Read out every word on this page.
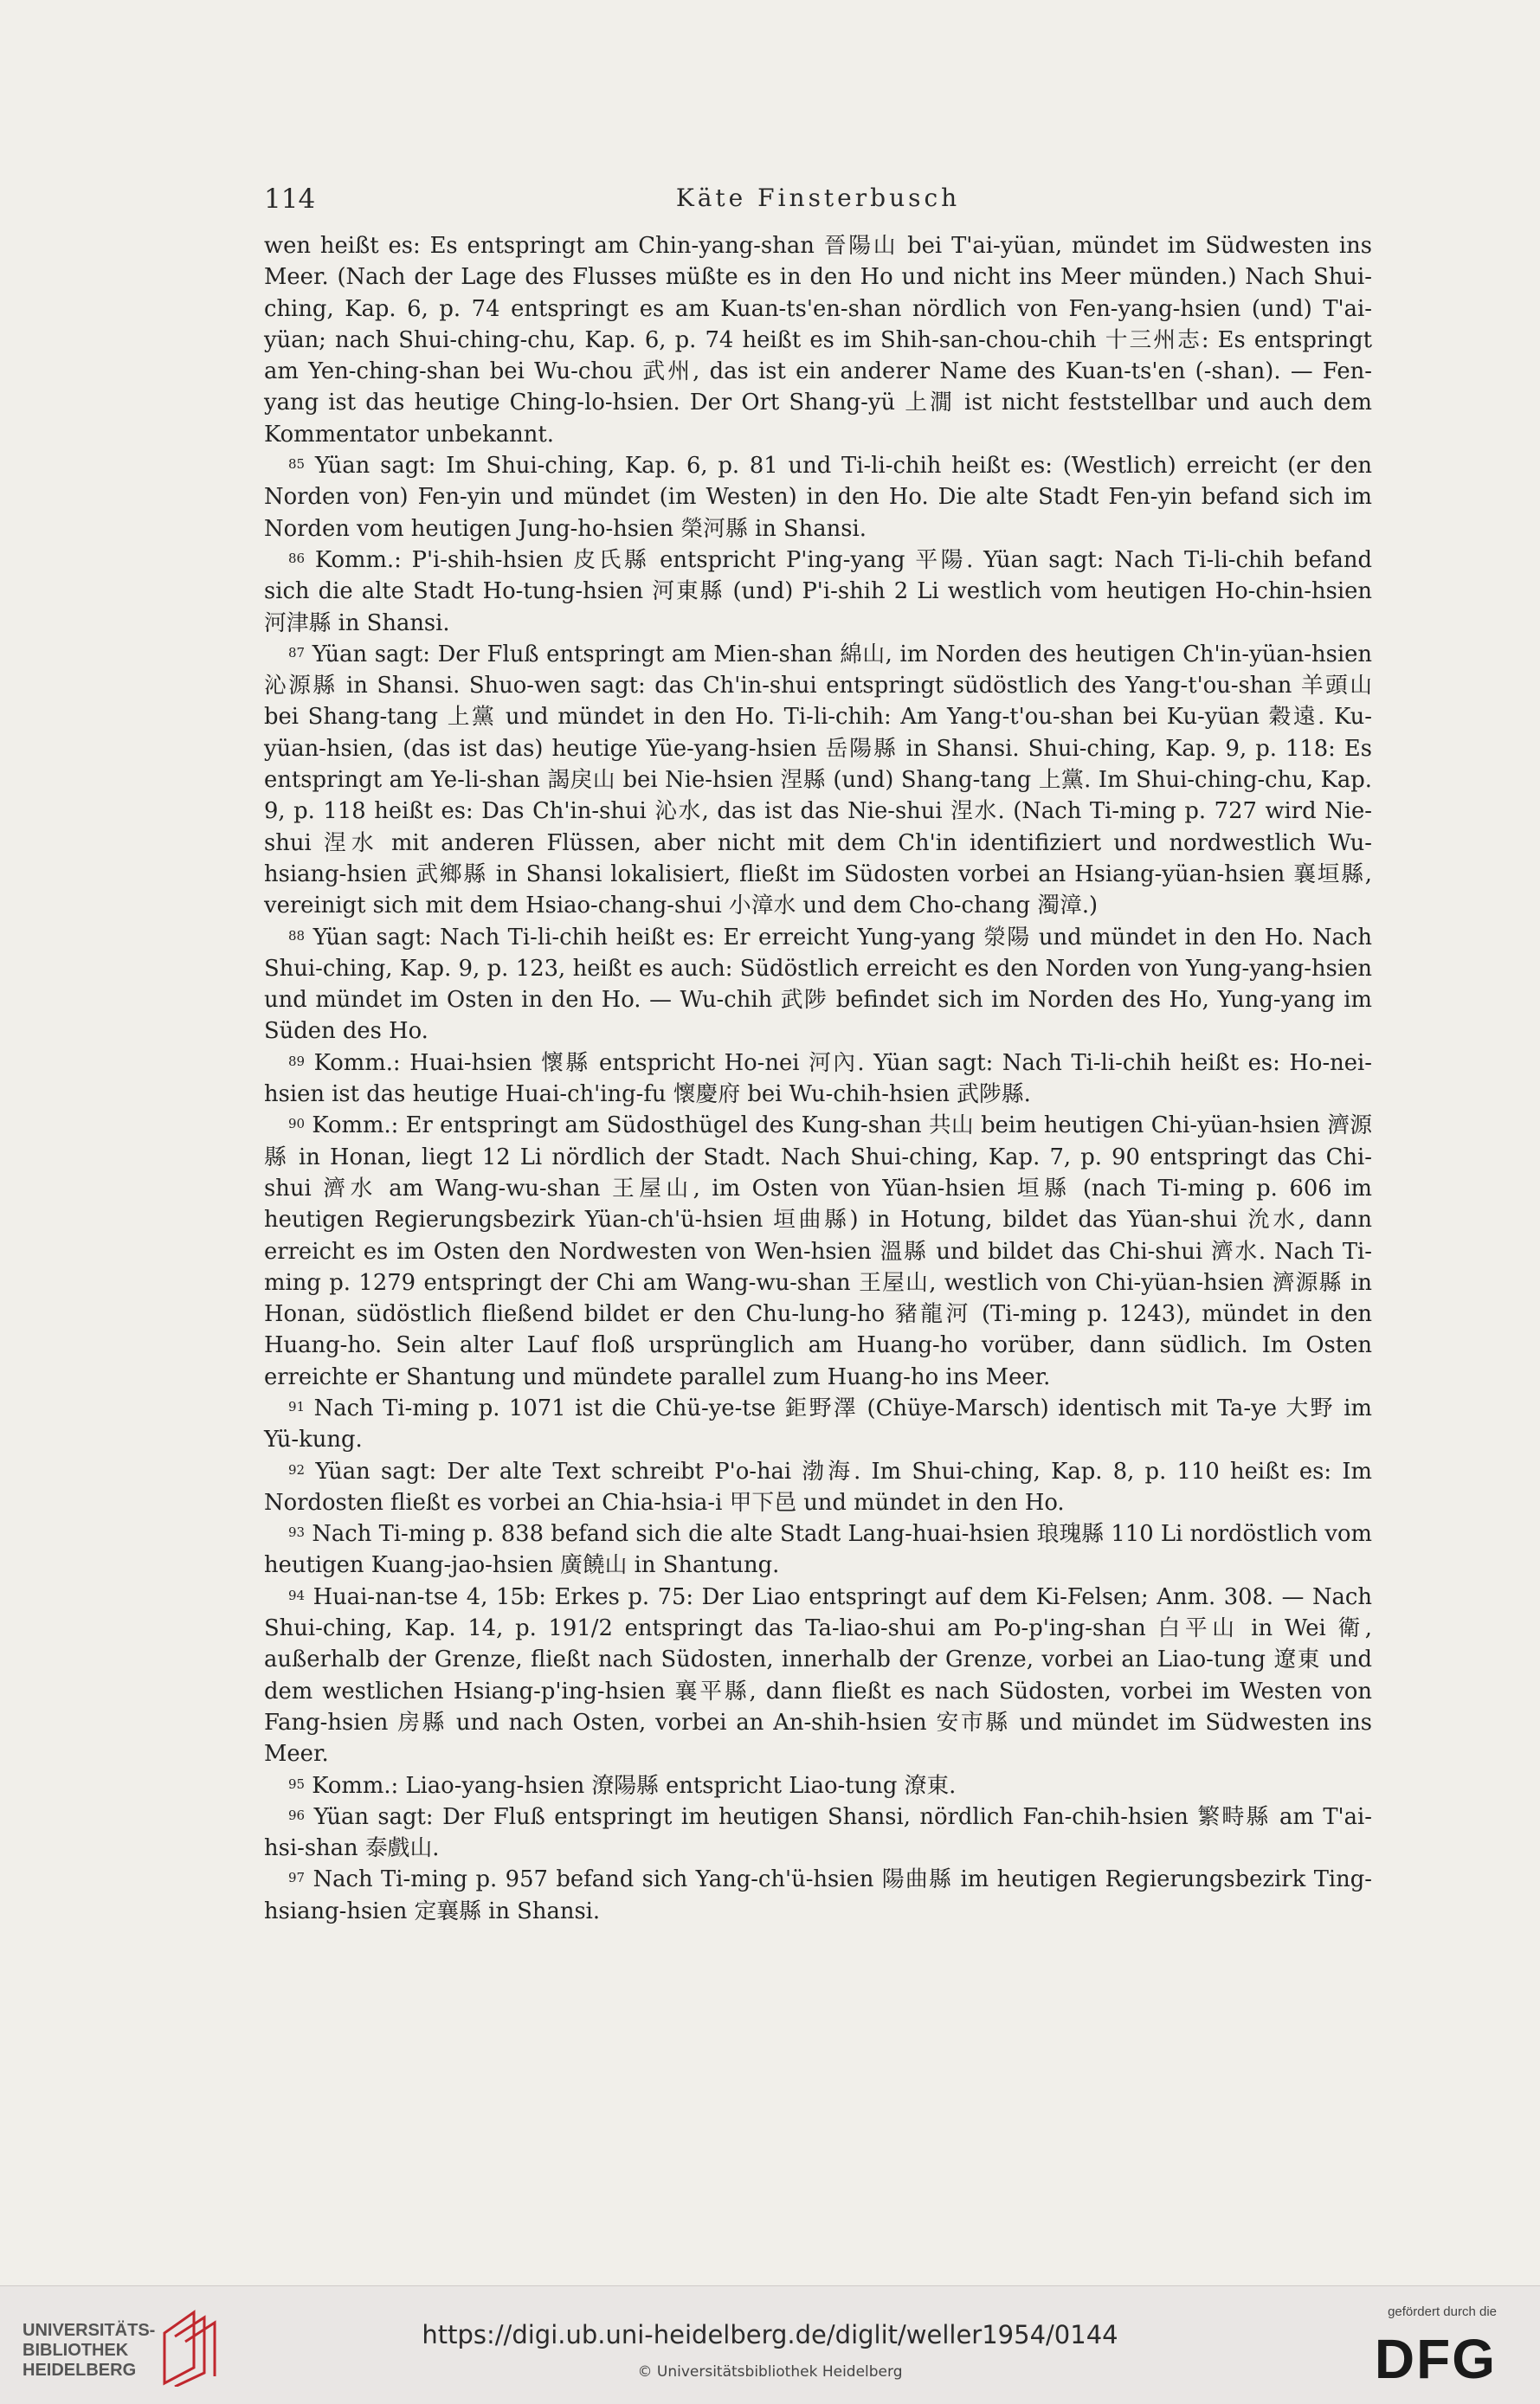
114	Käte Finsterbusch

wen heißt es: Es entspringt am Chin-yang-shan 晉陽山 bei T'ai-yüan, mündet im Südwesten ins Meer. (Nach der Lage des Flusses müßte es in den Ho und nicht ins Meer münden.) Nach Shui-ching, Kap. 6, p. 74 entspringt es am Kuan-ts'en-shan nördlich von Fen-yang-hsien (und) T'ai-yüan; nach Shui-ching-chu, Kap. 6, p. 74 heißt es im Shih-san-chou-chih 十三州志: Es entspringt am Yen-ching-shan bei Wu-chou 武州, das ist ein anderer Name des Kuan-ts'en (-shan). — Fen-yang ist das heutige Ching-lo-hsien. Der Ort Shang-yü 上㵎 ist nicht feststellbar und auch dem Kommentator unbekannt.

$^{85}$ Yüan sagt: Im Shui-ching, Kap. 6, p. 81 und Ti-li-chih heißt es: (Westlich) erreicht (er den Norden von) Fen-yin und mündet (im Westen) in den Ho. Die alte Stadt Fen-yin befand sich im Norden vom heutigen Jung-ho-hsien 榮河縣 in Shansi.

$^{86}$ Komm.: P'i-shih-hsien 皮氏縣 entspricht P'ing-yang 平陽. Yüan sagt: Nach Ti-li-chih befand sich die alte Stadt Ho-tung-hsien 河東縣 (und) P'i-shih 2 Li westlich vom heutigen Ho-chin-hsien 河津縣 in Shansi.

$^{87}$ Yüan sagt: Der Fluß entspringt am Mien-shan 綿山, im Norden des heutigen Ch'in-yüan-hsien 沁源縣 in Shansi. Shuo-wen sagt: das Ch'in-shui entspringt südöstlich des Yang-t'ou-shan 羊頭山 bei Shang-tang 上黨 und mündet in den Ho. Ti-li-chih: Am Yang-t'ou-shan bei Ku-yüan 穀遠. Ku-yüan-hsien, (das ist das) heutige Yüe-yang-hsien 岳陽縣 in Shansi. Shui-ching, Kap. 9, p. 118: Es entspringt am Ye-li-shan 謁戾山 bei Nie-hsien 涅縣 (und) Shang-tang 上黨. Im Shui-ching-chu, Kap. 9, p. 118 heißt es: Das Ch'in-shui 沁水, das ist das Nie-shui 涅水. (Nach Ti-ming p. 727 wird Nie-shui 涅水 mit anderen Flüssen, aber nicht mit dem Ch'in identifiziert und nordwestlich Wu-hsiang-hsien 武鄉縣 in Shansi lokalisiert, fließt im Südosten vorbei an Hsiang-yüan-hsien 襄垣縣, vereinigt sich mit dem Hsiao-chang-shui 小漳水 und dem Cho-chang 濁漳.)

$^{88}$ Yüan sagt: Nach Ti-li-chih heißt es: Er erreicht Yung-yang 滎陽 und mündet in den Ho. Nach Shui-ching, Kap. 9, p. 123, heißt es auch: Südöstlich erreicht es den Norden von Yung-yang-hsien und mündet im Osten in den Ho. — Wu-chih 武陟 befindet sich im Norden des Ho, Yung-yang im Süden des Ho.

$^{89}$ Komm.: Huai-hsien 懷縣 entspricht Ho-nei 河內. Yüan sagt: Nach Ti-li-chih heißt es: Ho-nei-hsien ist das heutige Huai-ch'ing-fu 懷慶府 bei Wu-chih-hsien 武陟縣.

$^{90}$ Komm.: Er entspringt am Südosthügel des Kung-shan 共山 beim heutigen Chi-yüan-hsien 濟源縣 in Honan, liegt 12 Li nördlich der Stadt. Nach Shui-ching, Kap. 7, p. 90 entspringt das Chi-shui 濟水 am Wang-wu-shan 王屋山, im Osten von Yüan-hsien 垣縣 (nach Ti-ming p. 606 im heutigen Regierungsbezirk Yüan-ch'ü-hsien 垣曲縣) in Hotung, bildet das Yüan-shui 沇水, dann erreicht es im Osten den Nordwesten von Wen-hsien 溫縣 und bildet das Chi-shui 濟水. Nach Ti-ming p. 1279 entspringt der Chi am Wang-wu-shan 王屋山, westlich von Chi-yüan-hsien 濟源縣 in Honan, südöstlich fließend bildet er den Chu-lung-ho 豬龍河 (Ti-ming p. 1243), mündet in den Huang-ho. Sein alter Lauf floß ursprünglich am Huang-ho vorüber, dann südlich. Im Osten erreichte er Shantung und mündete parallel zum Huang-ho ins Meer.

$^{91}$ Nach Ti-ming p. 1071 ist die Chü-ye-tse 鉅野澤 (Chüye-Marsch) identisch mit Ta-ye 大野 im Yü-kung.

$^{92}$ Yüan sagt: Der alte Text schreibt P'o-hai 渤海. Im Shui-ching, Kap. 8, p. 110 heißt es: Im Nordosten fließt es vorbei an Chia-hsia-i 甲下邑 und mündet in den Ho.

$^{93}$ Nach Ti-ming p. 838 befand sich die alte Stadt Lang-huai-hsien 琅瑰縣 110 Li nordöstlich vom heutigen Kuang-jao-hsien 廣饒山 in Shantung.

$^{94}$ Huai-nan-tse 4, 15b: Erkes p. 75: Der Liao entspringt auf dem Ki-Felsen; Anm. 308. — Nach Shui-ching, Kap. 14, p. 191/2 entspringt das Ta-liao-shui am Po-p'ing-shan 白平山 in Wei 衛, außerhalb der Grenze, fließt nach Südosten, innerhalb der Grenze, vorbei an Liao-tung 遼東 und dem westlichen Hsiang-p'ing-hsien 襄平縣, dann fließt es nach Südosten, vorbei im Westen von Fang-hsien 房縣 und nach Osten, vorbei an An-shih-hsien 安市縣 und mündet im Südwesten ins Meer.

$^{95}$ Komm.: Liao-yang-hsien 潦陽縣 entspricht Liao-tung 潦東.

$^{96}$ Yüan sagt: Der Fluß entspringt im heutigen Shansi, nördlich Fan-chih-hsien 繁畤縣 am T'ai-hsi-shan 泰戲山.

$^{97}$ Nach Ti-ming p. 957 befand sich Yang-ch'ü-hsien 陽曲縣 im heutigen Regierungsbezirk Ting-hsiang-hsien 定襄縣 in Shansi.

UNIVERSITÄTS-
BIBLIOTHEK
HEIDELBERG
https://digi.ub.uni-heidelberg.de/diglit/weller1954/0144
© Universitätsbibliothek Heidelberg
gefördert durch die
DFG
